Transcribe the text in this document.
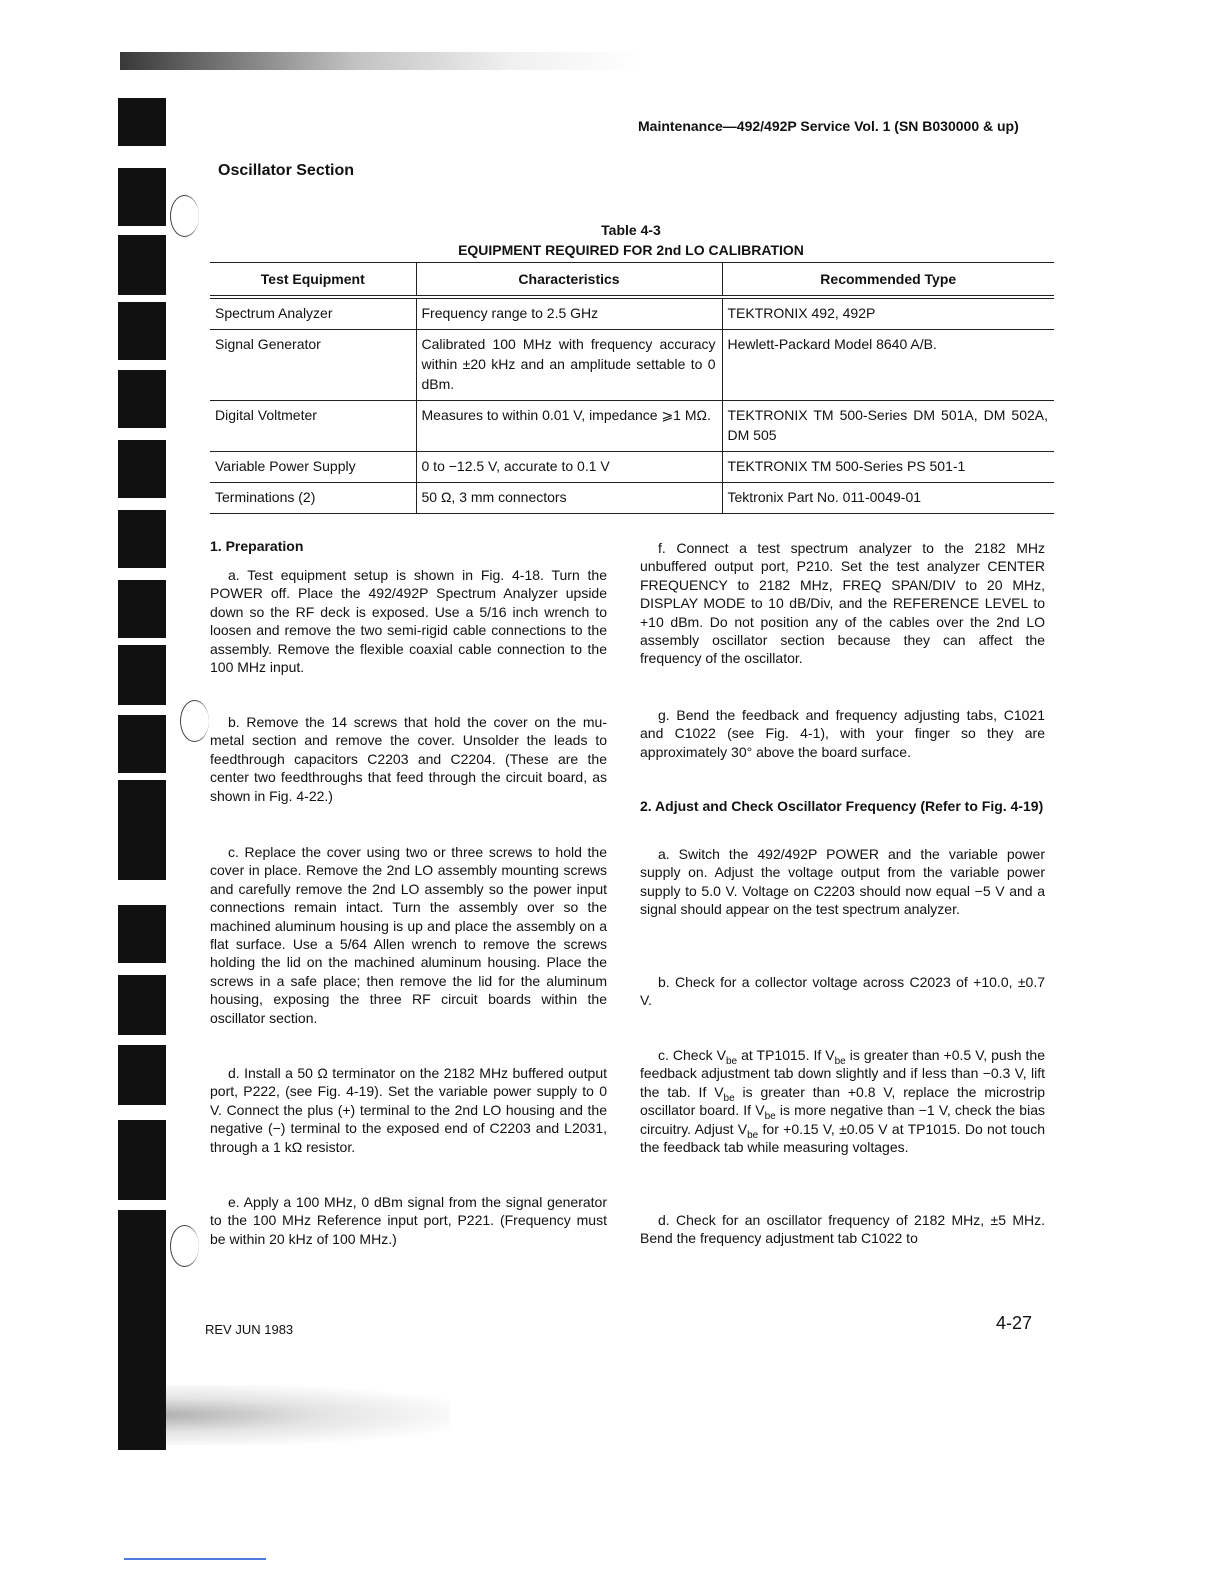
Maintenance—492/492P Service Vol. 1 (SN B030000 & up)
Oscillator Section
Table 4-3
EQUIPMENT REQUIRED FOR 2nd LO CALIBRATION
Test Equipment	Characteristics	Recommended Type
Spectrum Analyzer	Frequency range to 2.5 GHz	TEKTRONIX 492, 492P
Signal Generator	Calibrated 100 MHz with frequency accuracy within ±20 kHz and an amplitude settable to 0 dBm.	Hewlett-Packard Model 8640 A/B.
Digital Voltmeter	Measures to within 0.01 V, impedance ⩾1 MΩ.	TEKTRONIX TM 500-Series DM 501A, DM 502A, DM 505
Variable Power Supply	0 to −12.5 V, accurate to 0.1 V	TEKTRONIX TM 500-Series PS 501-1
Terminations (2)	50 Ω, 3 mm connectors	Tektronix Part No. 011-0049-01

1. Preparation

a. Test equipment setup is shown in Fig. 4-18. Turn the POWER off. Place the 492/492P Spectrum Analyzer upside down so the RF deck is exposed. Use a 5/16 inch wrench to loosen and remove the two semi-rigid cable connections to the assembly. Remove the flexible coaxial cable connection to the 100 MHz input.

b. Remove the 14 screws that hold the cover on the mu-metal section and remove the cover. Unsolder the leads to feedthrough capacitors C2203 and C2204. (These are the center two feedthroughs that feed through the circuit board, as shown in Fig. 4-22.)

c. Replace the cover using two or three screws to hold the cover in place. Remove the 2nd LO assembly mounting screws and carefully remove the 2nd LO assembly so the power input connections remain intact. Turn the assembly over so the machined aluminum housing is up and place the assembly on a flat surface. Use a 5/64 Allen wrench to remove the screws holding the lid on the machined aluminum housing. Place the screws in a safe place; then remove the lid for the aluminum housing, exposing the three RF circuit boards within the oscillator section.

d. Install a 50 Ω terminator on the 2182 MHz buffered output port, P222, (see Fig. 4-19). Set the variable power supply to 0 V. Connect the plus (+) terminal to the 2nd LO housing and the negative (−) terminal to the exposed end of C2203 and L2031, through a 1 kΩ resistor.

e. Apply a 100 MHz, 0 dBm signal from the signal generator to the 100 MHz Reference input port, P221. (Frequency must be within 20 kHz of 100 MHz.)

f. Connect a test spectrum analyzer to the 2182 MHz unbuffered output port, P210. Set the test analyzer CENTER FREQUENCY to 2182 MHz, FREQ SPAN/DIV to 20 MHz, DISPLAY MODE to 10 dB/Div, and the REFERENCE LEVEL to +10 dBm. Do not position any of the cables over the 2nd LO assembly oscillator section because they can affect the frequency of the oscillator.

g. Bend the feedback and frequency adjusting tabs, C1021 and C1022 (see Fig. 4-1), with your finger so they are approximately 30° above the board surface.

2. Adjust and Check Oscillator Frequency (Refer to Fig. 4-19)

a. Switch the 492/492P POWER and the variable power supply on. Adjust the voltage output from the variable power supply to 5.0 V. Voltage on C2203 should now equal −5 V and a signal should appear on the test spectrum analyzer.

b. Check for a collector voltage across C2023 of +10.0, ±0.7 V.

c. Check $V_{be}$ at TP1015. If $V_{be}$ is greater than +0.5 V, push the feedback adjustment tab down slightly and if less than −0.3 V, lift the tab. If $V_{be}$ is greater than +0.8 V, replace the microstrip oscillator board. If $V_{be}$ is more negative than −1 V, check the bias circuitry. Adjust $V_{be}$ for +0.15 V, ±0.05 V at TP1015. Do not touch the feedback tab while measuring voltages.

d. Check for an oscillator frequency of 2182 MHz, ±5 MHz. Bend the frequency adjustment tab C1022 to

REV JUN 1983	4-27
